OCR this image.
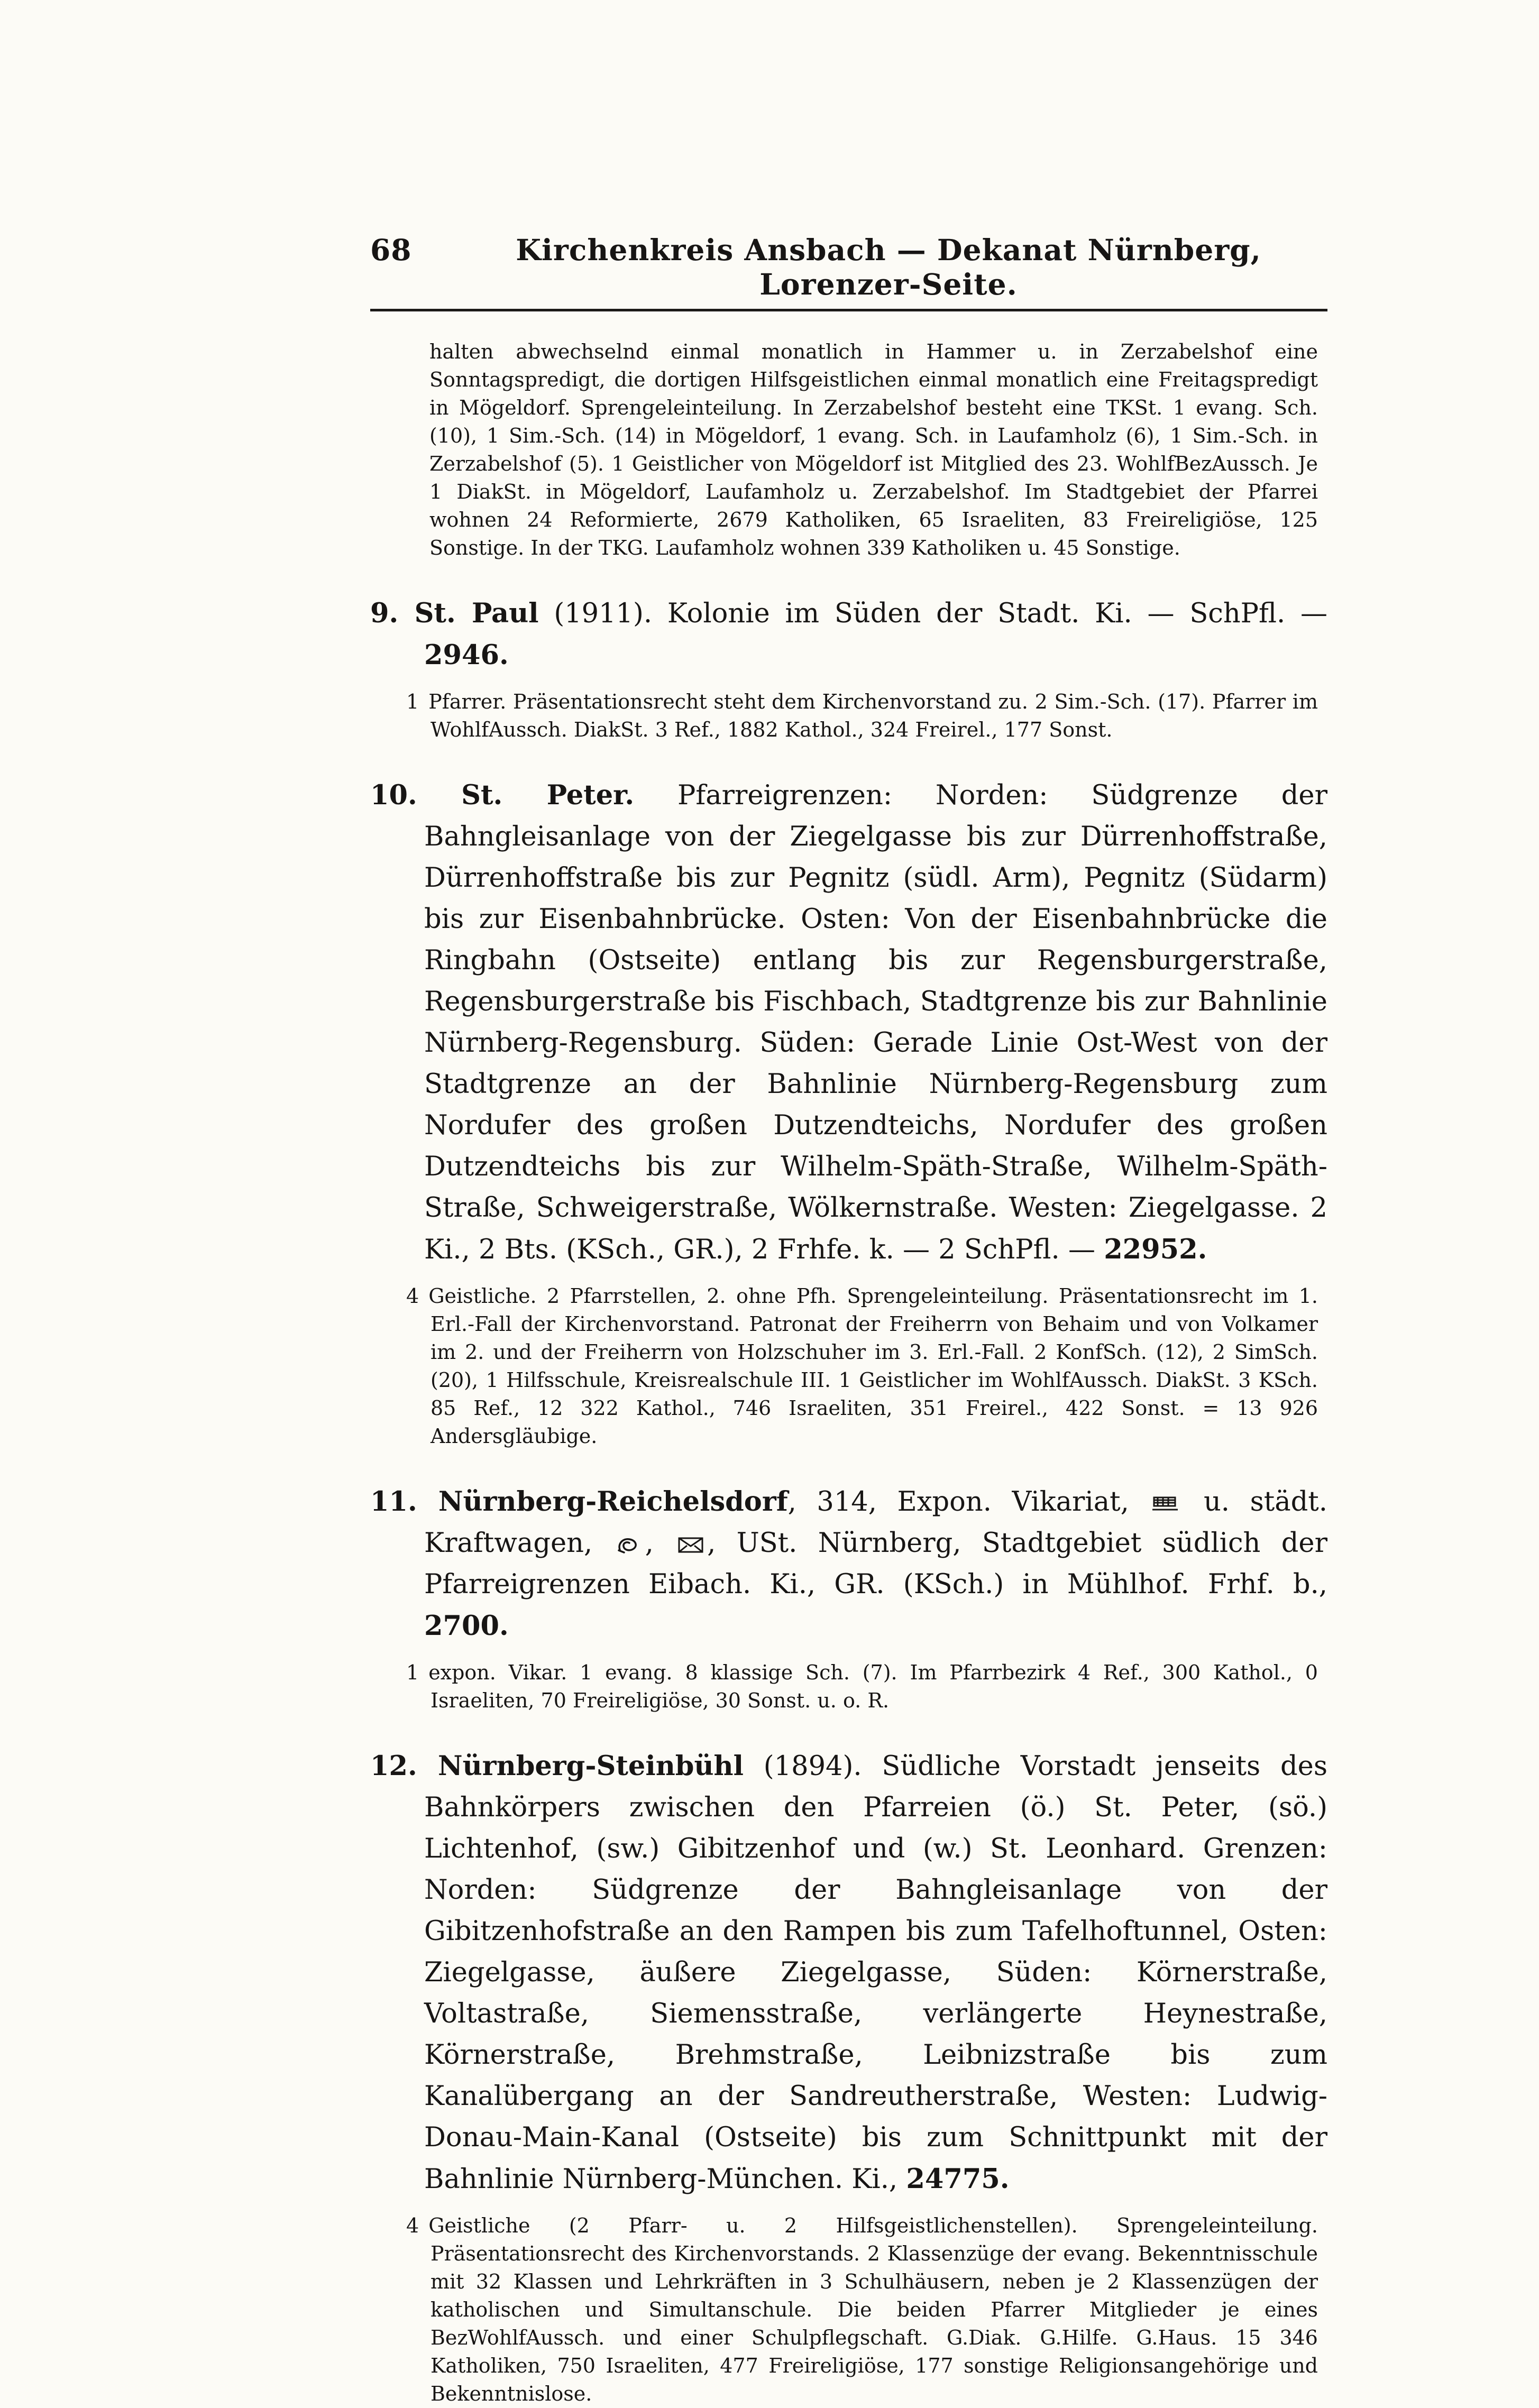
68	Kirchenkreis Ansbach — Dekanat Nürnberg, Lorenzer-Seite.

halten abwechselnd einmal monatlich in Hammer u. in Zerzabelshof eine Sonntagspredigt, die dortigen Hilfsgeistlichen einmal monatlich eine Freitagspredigt in Mögeldorf. Sprengeleinteilung. In Zerzabelshof besteht eine TKSt. 1 evang. Sch. (10), 1 Sim.-Sch. (14) in Mögeldorf, 1 evang. Sch. in Laufamholz (6), 1 Sim.-Sch. in Zerzabelshof (5). 1 Geistlicher von Mögeldorf ist Mitglied des 23. WohlfBezAussch. Je 1 DiakSt. in Mögeldorf, Laufamholz u. Zerzabelshof. Im Stadtgebiet der Pfarrei wohnen 24 Reformierte, 2679 Katholiken, 65 Israeliten, 83 Freireligiöse, 125 Sonstige. In der TKG. Laufamholz wohnen 339 Katholiken u. 45 Sonstige.

9. St. Paul (1911). Kolonie im Süden der Stadt. Ki. — SchPfl. — 2946.

1 Pfarrer. Präsentationsrecht steht dem Kirchenvorstand zu. 2 Sim.-Sch. (17). Pfarrer im WohlfAussch. DiakSt. 3 Ref., 1882 Kathol., 324 Freirel., 177 Sonst.

10. St. Peter. Pfarreigrenzen: Norden: Südgrenze der Bahngleisanlage von der Ziegelgasse bis zur Dürrenhoffstraße, Dürrenhoffstraße bis zur Pegnitz (südl. Arm), Pegnitz (Südarm) bis zur Eisenbahnbrücke. Osten: Von der Eisenbahnbrücke die Ringbahn (Ostseite) entlang bis zur Regensburgerstraße, Regensburgerstraße bis Fischbach, Stadtgrenze bis zur Bahnlinie Nürnberg-Regensburg. Süden: Gerade Linie Ost-West von der Stadtgrenze an der Bahnlinie Nürnberg-Regensburg zum Nordufer des großen Dutzendteichs, Nordufer des großen Dutzendteichs bis zur Wilhelm-Späth-Straße, Wilhelm-Späth-Straße, Schweigerstraße, Wölkernstraße. Westen: Ziegelgasse. 2 Ki., 2 Bts. (KSch., GR.), 2 Frhfe. k. — 2 SchPfl. — 22952.

4 Geistliche. 2 Pfarrstellen, 2. ohne Pfh. Sprengeleinteilung. Präsentationsrecht im 1. Erl.-Fall der Kirchenvorstand. Patronat der Freiherrn von Behaim und von Volkamer im 2. und der Freiherrn von Holzschuher im 3. Erl.-Fall. 2 KonfSch. (12), 2 SimSch. (20), 1 Hilfsschule, Kreisrealschule III. 1 Geistlicher im WohlfAussch. DiakSt. 3 KSch. 85 Ref., 12 322 Kathol., 746 Israeliten, 351 Freirel., 422 Sonst. = 13 926 Andersgläubige.

11. Nürnberg-Reichelsdorf, 314, Expon. Vikariat,
u. städt. Kraftwagen,
,
, USt. Nürnberg, Stadtgebiet südlich der Pfarreigrenzen Eibach. Ki., GR. (KSch.) in Mühlhof. Frhf. b., 2700.

1 expon. Vikar. 1 evang. 8 klassige Sch. (7). Im Pfarrbezirk 4 Ref., 300 Kathol., 0 Israeliten, 70 Freireligiöse, 30 Sonst. u. o. R.

12. Nürnberg-Steinbühl (1894). Südliche Vorstadt jenseits des Bahnkörpers zwischen den Pfarreien (ö.) St. Peter, (sö.) Lichtenhof, (sw.) Gibitzenhof und (w.) St. Leonhard. Grenzen: Norden: Südgrenze der Bahngleisanlage von der Gibitzenhofstraße an den Rampen bis zum Tafelhoftunnel, Osten: Ziegelgasse, äußere Ziegelgasse, Süden: Körnerstraße, Voltastraße, Siemensstraße, verlängerte Heynestraße, Körnerstraße, Brehmstraße, Leibnizstraße bis zum Kanalübergang an der Sandreutherstraße, Westen: Ludwig-Donau-Main-Kanal (Ostseite) bis zum Schnittpunkt mit der Bahnlinie Nürnberg-München. Ki., 24775.

4 Geistliche (2 Pfarr- u. 2 Hilfsgeistlichenstellen). Sprengeleinteilung. Präsentationsrecht des Kirchenvorstands. 2 Klassenzüge der evang. Bekenntnisschule mit 32 Klassen und Lehrkräften in 3 Schulhäusern, neben je 2 Klassenzügen der katholischen und Simultanschule. Die beiden Pfarrer Mitglieder je eines BezWohlfAussch. und einer Schulpflegschaft. G.Diak. G.Hilfe. G.Haus. 15 346 Katholiken, 750 Israeliten, 477 Freireligiöse, 177 sonstige Religionsangehörige und Bekenntnislose.
